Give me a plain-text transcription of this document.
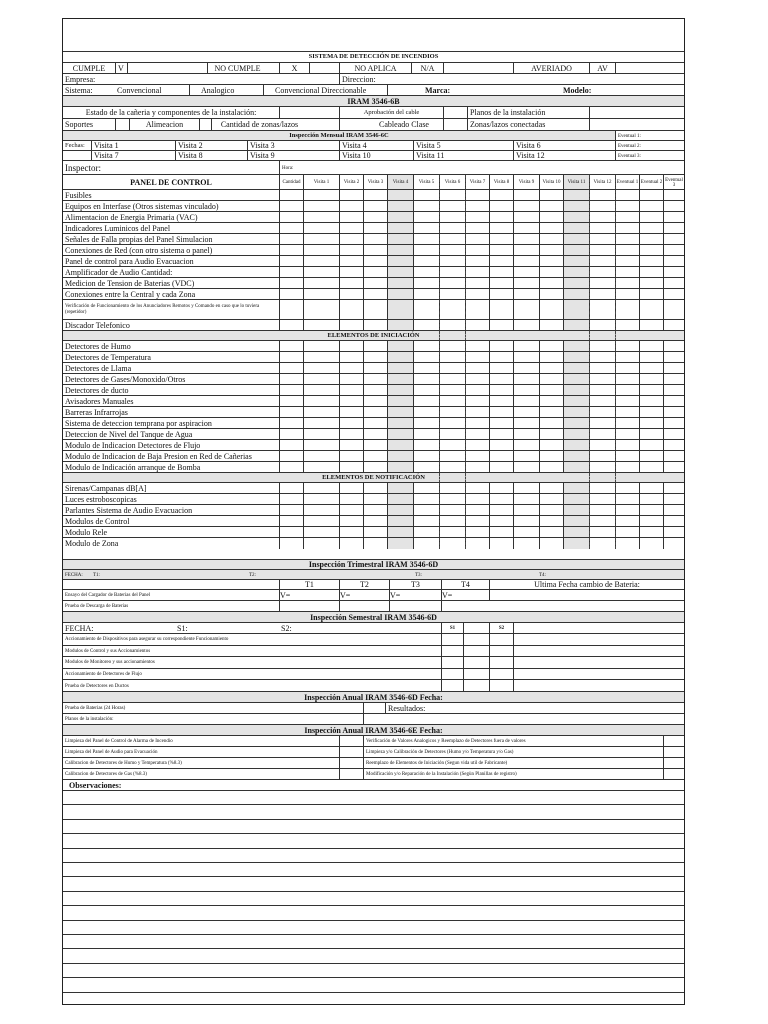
SISTEMA DE DETECCIÓN DE INCENDIOS
CUMPLE	V	NO CUMPLE	X	NO APLICA	N/A	AVERIADO	AV
Empresa:	Direccion:
Sistema:	Convencional	Analogico	Convencional Direccionable	Marca:	Modelo:
IRAM 3546-6B
Estado de la cañeria y componentes de la instalación:	Aprobación del cable	Planos de la instalación
Soportes	Alimeacion	Cantidad de zonas/lazos	Cableado Clase	Zonas/lazos conectadas
Inspección Mensual IRAM 3546-6C	Eventual 1:
Fechas:	Visita 1	Visita 2	Visita 3	Visita 4	Visita 5	Visita 6	Eventual 2:
Visita 7	Visita 8	Visita 9	Visita 10	Visita 11	Visita 12	Eventual 3:
Inspector:	Hora:
PANEL DE CONTROL	Cantidad	Visita 1	Visita 2	Visita 3	Visita 4	Visita 5	Visita 6	Visita 7	Visita 8	Visita 9	Visita 10	Visita 11	Visita 12	Eventual 1 Eventual 2 Eventual 3
Fusibles
Equipos en Interfase (Otros sistemas vinculado)
Alimentacion de Energia Primaria (VAC)
Indicadores Luminicos del Panel
Señales de Falla propias del Panel Simulacion
Conexiones de Red (con otro sistema o panel)
Panel de control para Audio Evacuacion
Amplificador de Audio Cantidad:
Medicion de Tension de Baterias (VDC)
Conexiones entre la Central y cada Zona
Verificación de Funcionamiento de los Anunciadores Remotos y Comando en caso que lo tuviera (repetidor)
Discador Telefonico
ELEMENTOS DE INICIACIÓN
Detectores de Humo
Detectores de Temperatura
Detectores de Llama
Detectores de Gases/Monoxido/Otros
Detectores de ducto
Avisadores Manuales
Barreras Infrarrojas
Sistema de deteccion temprana por aspiracion
Deteccion de Nivel del Tanque de Agua
Modulo de Indicacion Detectores de Flujo
Modulo de Indicacion de Baja Presion en Red de Cañerias
Modulo de Indicación arranque de Bomba
ELEMENTOS DE NOTIFICACIÓN
Sirenas/Campanas dB[A]
Luces estroboscopicas
Parlantes Sistema de Audio Evacuacion
Modulos de Control
Modulo Rele
Modulo de Zona
Inspección Trimestral IRAM 3546-6D
FECHA:	T1:	T2:	T3:	T4:
T1	T2	T3	T4	Ultima Fecha cambio de Bateria:
Ensayo del Cargador de Baterias del Panel	V=	V=	V=	V=
Prueba de Descarga de Baterias
Inspección Semestral IRAM 3546-6D
FECHA:	S1:	S2:	S1	S2
Accionamiento de Dispositivos para asegurar su correspondiente Funcionamiento
Modulos de Control y sus Accionamientos
Modulos de Monitoreo y sus accionamientos
Accionamiento de Detectores de Flujo
Prueba de Detectores en Ductos
Inspección Anual IRAM 3546-6D Fecha:
Prueba de Baterias (24 Horas)	Resultados:
Planos de la instalación:
Inspección Anual IRAM 3546-6E Fecha:
Limpieza del Panel de Control de Alarma de Incendio	Verificación de Valores Analogicos y Reemplazo de Detectores fuera de valores
Limpieza del Panel de Audio para Evacuación	Limpieza y/o Calibración de Detectores (Humo y/o Temperatura y/o Gas)
Calibracion de Detectores de Humo y Temperatura (%8.3)	Reemplazo de Elementos de Iniciación (Segun vida util de Fabricante)
Calibracion de Detectores de Gas (%8.3)	Modificación y/o Reparación de la Instalación (Segùn Planillas de registro)
Observaciones:
